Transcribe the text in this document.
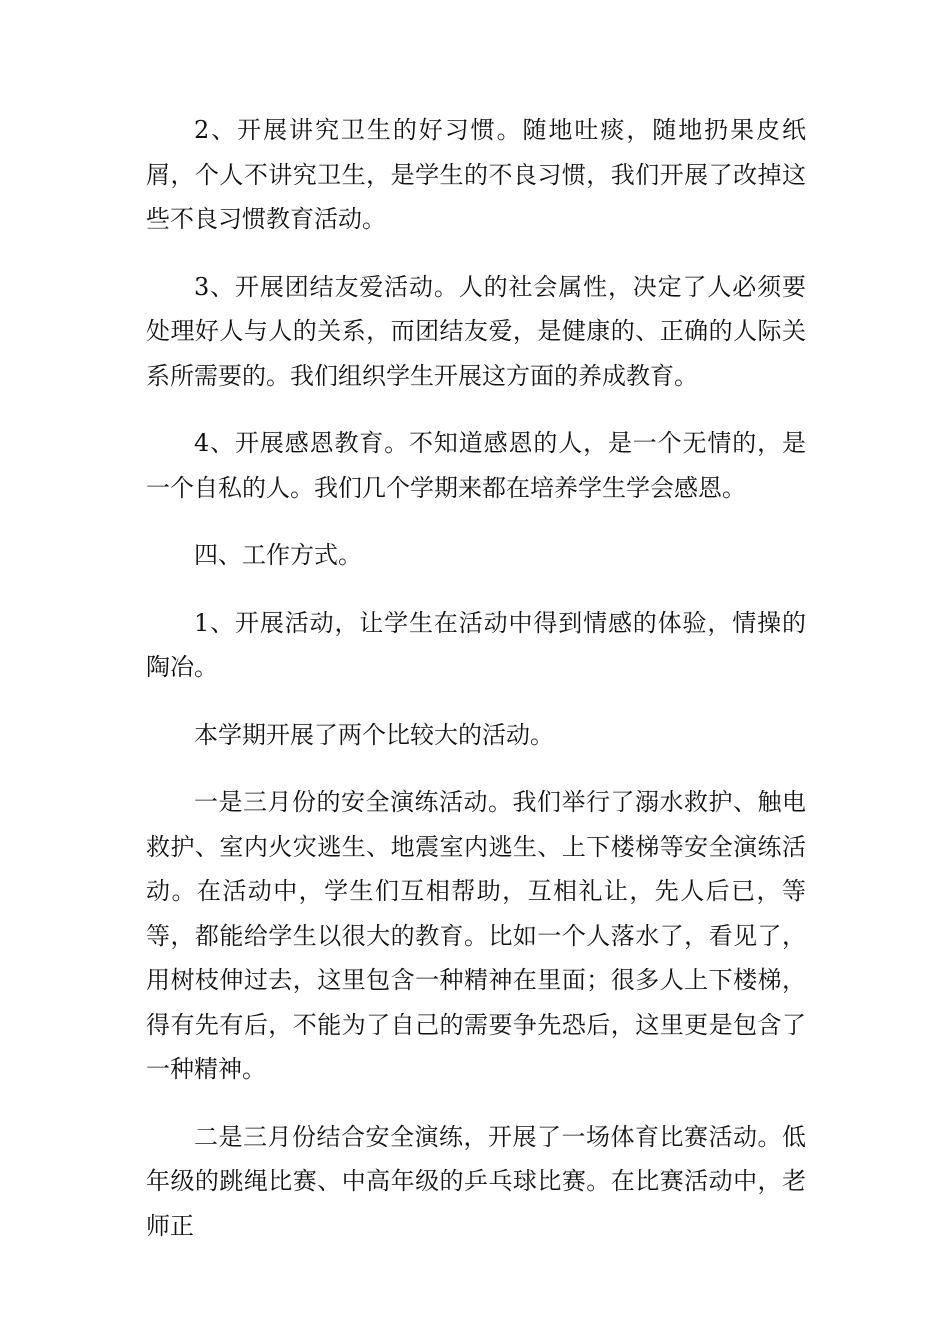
2、开展讲究卫生的好习惯。随地吐痰，随地扔果皮纸屑，个人不讲究卫生，是学生的不良习惯，我们开展了改掉这些不良习惯教育活动。

3、开展团结友爱活动。人的社会属性，决定了人必须要处理好人与人的关系，而团结友爱，是健康的、正确的人际关系所需要的。我们组织学生开展这方面的养成教育。

4、开展感恩教育。不知道感恩的人，是一个无情的，是一个自私的人。我们几个学期来都在培养学生学会感恩。

四、工作方式。

1、开展活动，让学生在活动中得到情感的体验，情操的陶冶。

本学期开展了两个比较大的活动。

一是三月份的安全演练活动。我们举行了溺水救护、触电救护、室内火灾逃生、地震室内逃生、上下楼梯等安全演练活动。在活动中，学生们互相帮助，互相礼让，先人后已，等等，都能给学生以很大的教育。比如一个人落水了，看见了，用树枝伸过去，这里包含一种精神在里面；很多人上下楼梯，得有先有后，不能为了自己的需要争先恐后，这里更是包含了一种精神。

二是三月份结合安全演练，开展了一场体育比赛活动。低年级的跳绳比赛、中高年级的乒乓球比赛。在比赛活动中，老师正
